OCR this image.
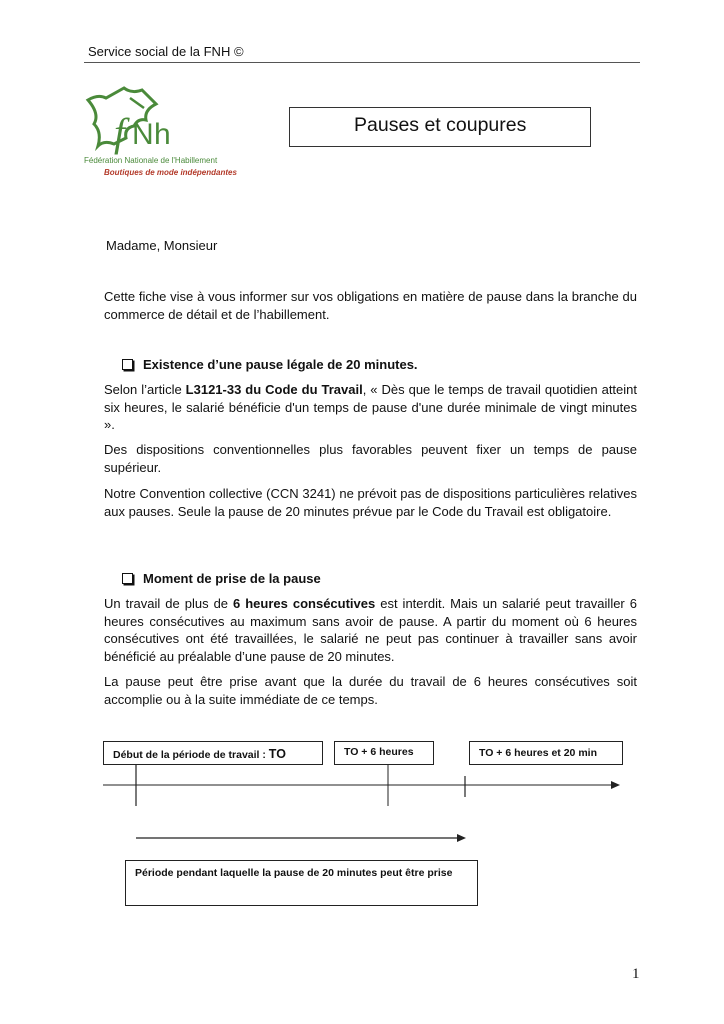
Service social de la FNH ©
f N h
Fédération Nationale de l'Habillement
Boutiques de mode indépendantes
Pauses et coupures
Madame, Monsieur
Cette fiche vise à vous informer sur vos obligations en matière de pause dans la branche du commerce de détail et de l’habillement.
Existence d’une pause légale de 20 minutes.
Selon l’article L3121-33 du Code du Travail, « Dès que le temps de travail quotidien atteint six heures, le salarié bénéficie d'un temps de pause d'une durée minimale de vingt minutes ».
Des dispositions conventionnelles plus favorables peuvent fixer un temps de pause supérieur.
Notre Convention collective (CCN 3241) ne prévoit pas de dispositions particulières relatives aux pauses. Seule la pause de 20 minutes prévue par le Code du Travail est obligatoire.
Moment de prise de la pause
Un travail de plus de 6 heures consécutives est interdit. Mais un salarié peut travailler 6 heures consécutives au maximum sans avoir de pause. A partir du moment où 6 heures consécutives ont été travaillées, le salarié ne peut pas continuer à travailler sans avoir bénéficié au préalable d’une pause de 20 minutes.
La pause peut être prise avant que la durée du travail de 6 heures consécutives soit accomplie ou à la suite immédiate de ce temps.
Début de la période de travail : TO	TO + 6 heures	TO + 6 heures et 20 min
Période pendant laquelle la pause de 20 minutes peut être prise
1
